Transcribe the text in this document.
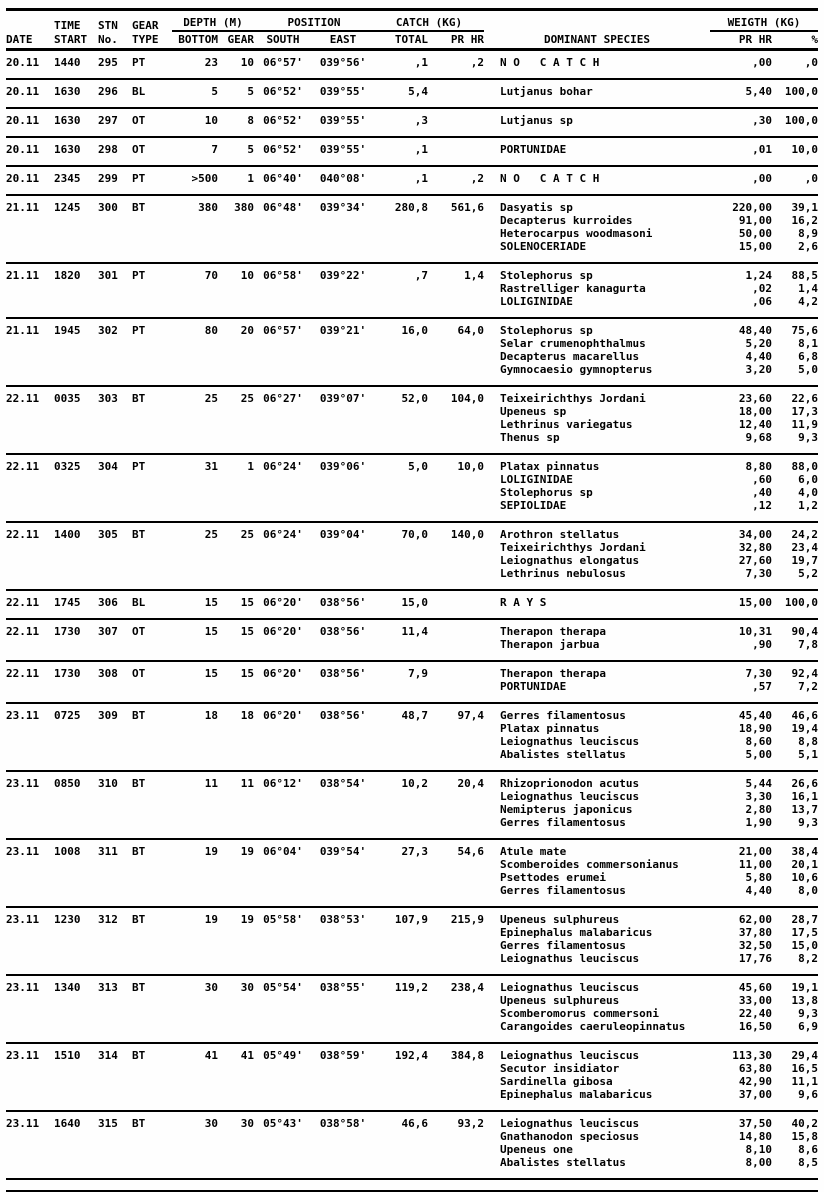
TIME	STN	GEAR	DEPTH (M)	POSITION	CATCH (KG)	WEIGTH (KG)
DATE	START No.	TYPE	BOTTOM GEAR	SOUTH	EAST	TOTAL	PR HR	DOMINANT SPECIES	PR HR	%
20.11	1440	295	PT	23	10 06°57'	039°56'	,1	,2	N O   C A T C H	,00	,0
20.11	1630	296	BL	5	5 06°52'	039°55'	5,4	Lutjanus bohar	5,40	100,0
20.11	1630	297	OT	10	8 06°52'	039°55'	,3	Lutjanus sp	,30	100,0
20.11	1630	298	OT	7	5 06°52'	039°55'	,1	PORTUNIDAE	,01	10,0
20.11	2345	299	PT	>500	1 06°40'	040°08'	,1	,2	N O   C A T C H	,00	,0
21.11	1245	300	BT	380	380 06°48'	039°34'	280,8	561,6	Dasyatis sp	220,00	39,1
Decapterus kurroides	91,00	16,2
Heterocarpus woodmasoni	50,00	8,9
SOLENOCERIADE	15,00	2,6
21.11	1820	301	PT	70	10 06°58'	039°22'	,7	1,4	Stolephorus sp	1,24	88,5
Rastrelliger kanagurta	,02	1,4
LOLIGINIDAE	,06	4,2
21.11	1945	302	PT	80	20 06°57'	039°21'	16,0	64,0	Stolephorus sp	48,40	75,6
Selar crumenophthalmus	5,20	8,1
Decapterus macarellus	4,40	6,8
Gymnocaesio gymnopterus	3,20	5,0
22.11	0035	303	BT	25	25 06°27'	039°07'	52,0	104,0	Teixeirichthys Jordani	23,60	22,6
Upeneus sp	18,00	17,3
Lethrinus variegatus	12,40	11,9
Thenus sp	9,68	9,3
22.11	0325	304	PT	31	1 06°24'	039°06'	5,0	10,0	Platax pinnatus	8,80	88,0
LOLIGINIDAE	,60	6,0
Stolephorus sp	,40	4,0
SEPIOLIDAE	,12	1,2
22.11	1400	305	BT	25	25 06°24'	039°04'	70,0	140,0	Arothron stellatus	34,00	24,2
Teixeirichthys Jordani	32,80	23,4
Leiognathus elongatus	27,60	19,7
Lethrinus nebulosus	7,30	5,2
22.11	1745	306	BL	15	15 06°20'	038°56'	15,0	R A Y S	15,00	100,0
22.11	1730	307	OT	15	15 06°20'	038°56'	11,4	Therapon therapa	10,31	90,4
Therapon jarbua	,90	7,8
22.11	1730	308	OT	15	15 06°20'	038°56'	7,9	Therapon therapa	7,30	92,4
PORTUNIDAE	,57	7,2
23.11	0725	309	BT	18	18 06°20'	038°56'	48,7	97,4	Gerres filamentosus	45,40	46,6
Platax pinnatus	18,90	19,4
Leiognathus leuciscus	8,60	8,8
Abalistes stellatus	5,00	5,1
23.11	0850	310	BT	11	11 06°12'	038°54'	10,2	20,4	Rhizoprionodon acutus	5,44	26,6
Leiognathus leuciscus	3,30	16,1
Nemipterus japonicus	2,80	13,7
Gerres filamentosus	1,90	9,3
23.11	1008	311	BT	19	19 06°04'	039°54'	27,3	54,6	Atule mate	21,00	38,4
Scomberoides commersonianus	11,00	20,1
Psettodes erumei	5,80	10,6
Gerres filamentosus	4,40	8,0
23.11	1230	312	BT	19	19 05°58'	038°53'	107,9	215,9	Upeneus sulphureus	62,00	28,7
Epinephalus malabaricus	37,80	17,5
Gerres filamentosus	32,50	15,0
Leiognathus leuciscus	17,76	8,2
23.11	1340	313	BT	30	30 05°54'	038°55'	119,2	238,4	Leiognathus leuciscus	45,60	19,1
Upeneus sulphureus	33,00	13,8
Scomberomorus commersoni	22,40	9,3
Carangoides caeruleopinnatus	16,50	6,9
23.11	1510	314	BT	41	41 05°49'	038°59'	192,4	384,8	Leiognathus leuciscus	113,30	29,4
Secutor insidiator	63,80	16,5
Sardinella gibosa	42,90	11,1
Epinephalus malabaricus	37,00	9,6
23.11	1640	315	BT	30	30 05°43'	038°58'	46,6	93,2	Leiognathus leuciscus	37,50	40,2
Gnathanodon speciosus	14,80	15,8
Upeneus one	8,10	8,6
Abalistes stellatus	8,00	8,5
